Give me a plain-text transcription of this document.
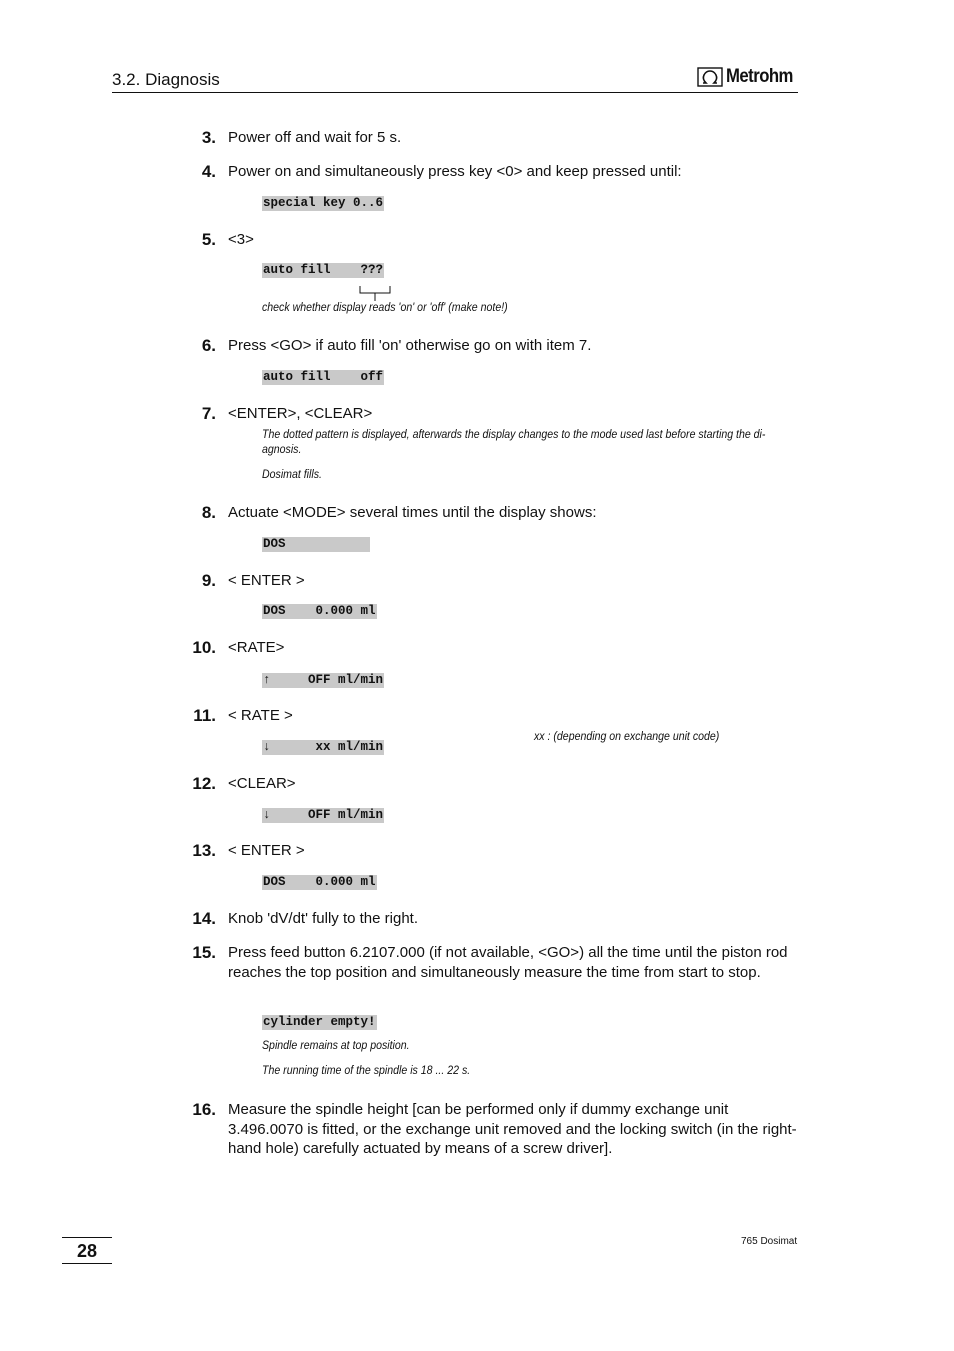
3.2. Diagnosis	Metrohm
3. Power off and wait for 5 s.
4. Power on and simultaneously press key <0> and keep pressed until:
special key 0..6
5. <3>
auto fill    ???
check whether display reads 'on' or 'off' (make note!)
6. Press <GO> if auto fill 'on' otherwise go on with item 7.
auto fill    off
7. <ENTER>, <CLEAR>
The dotted pattern is displayed, afterwards the display changes to the mode used last before starting the di-agnosis.
Dosimat fills.
8. Actuate <MODE> several times until the display shows:
DOS
9. < ENTER >
DOS    0.000 ml
10. <RATE>
↑     OFF ml/min
11. < RATE >
↓      xx ml/min
xx : (depending on exchange unit code)
12. <CLEAR>
↓     OFF ml/min
13. < ENTER >
DOS    0.000 ml
14. Knob 'dV/dt' fully to the right.
15. Press feed button 6.2107.000 (if not available, <GO>) all the time until the piston rod reaches the top position and simultaneously measure the time from start to stop.
cylinder empty!
Spindle remains at top position.
The running time of the spindle is 18 ... 22 s.
16. Measure the spindle height [can be performed only if dummy exchange unit 3.496.0070 is fitted, or the exchange unit removed and the locking switch (in the right-hand hole) carefully actuated by means of a screw driver].
28	765 Dosimat
